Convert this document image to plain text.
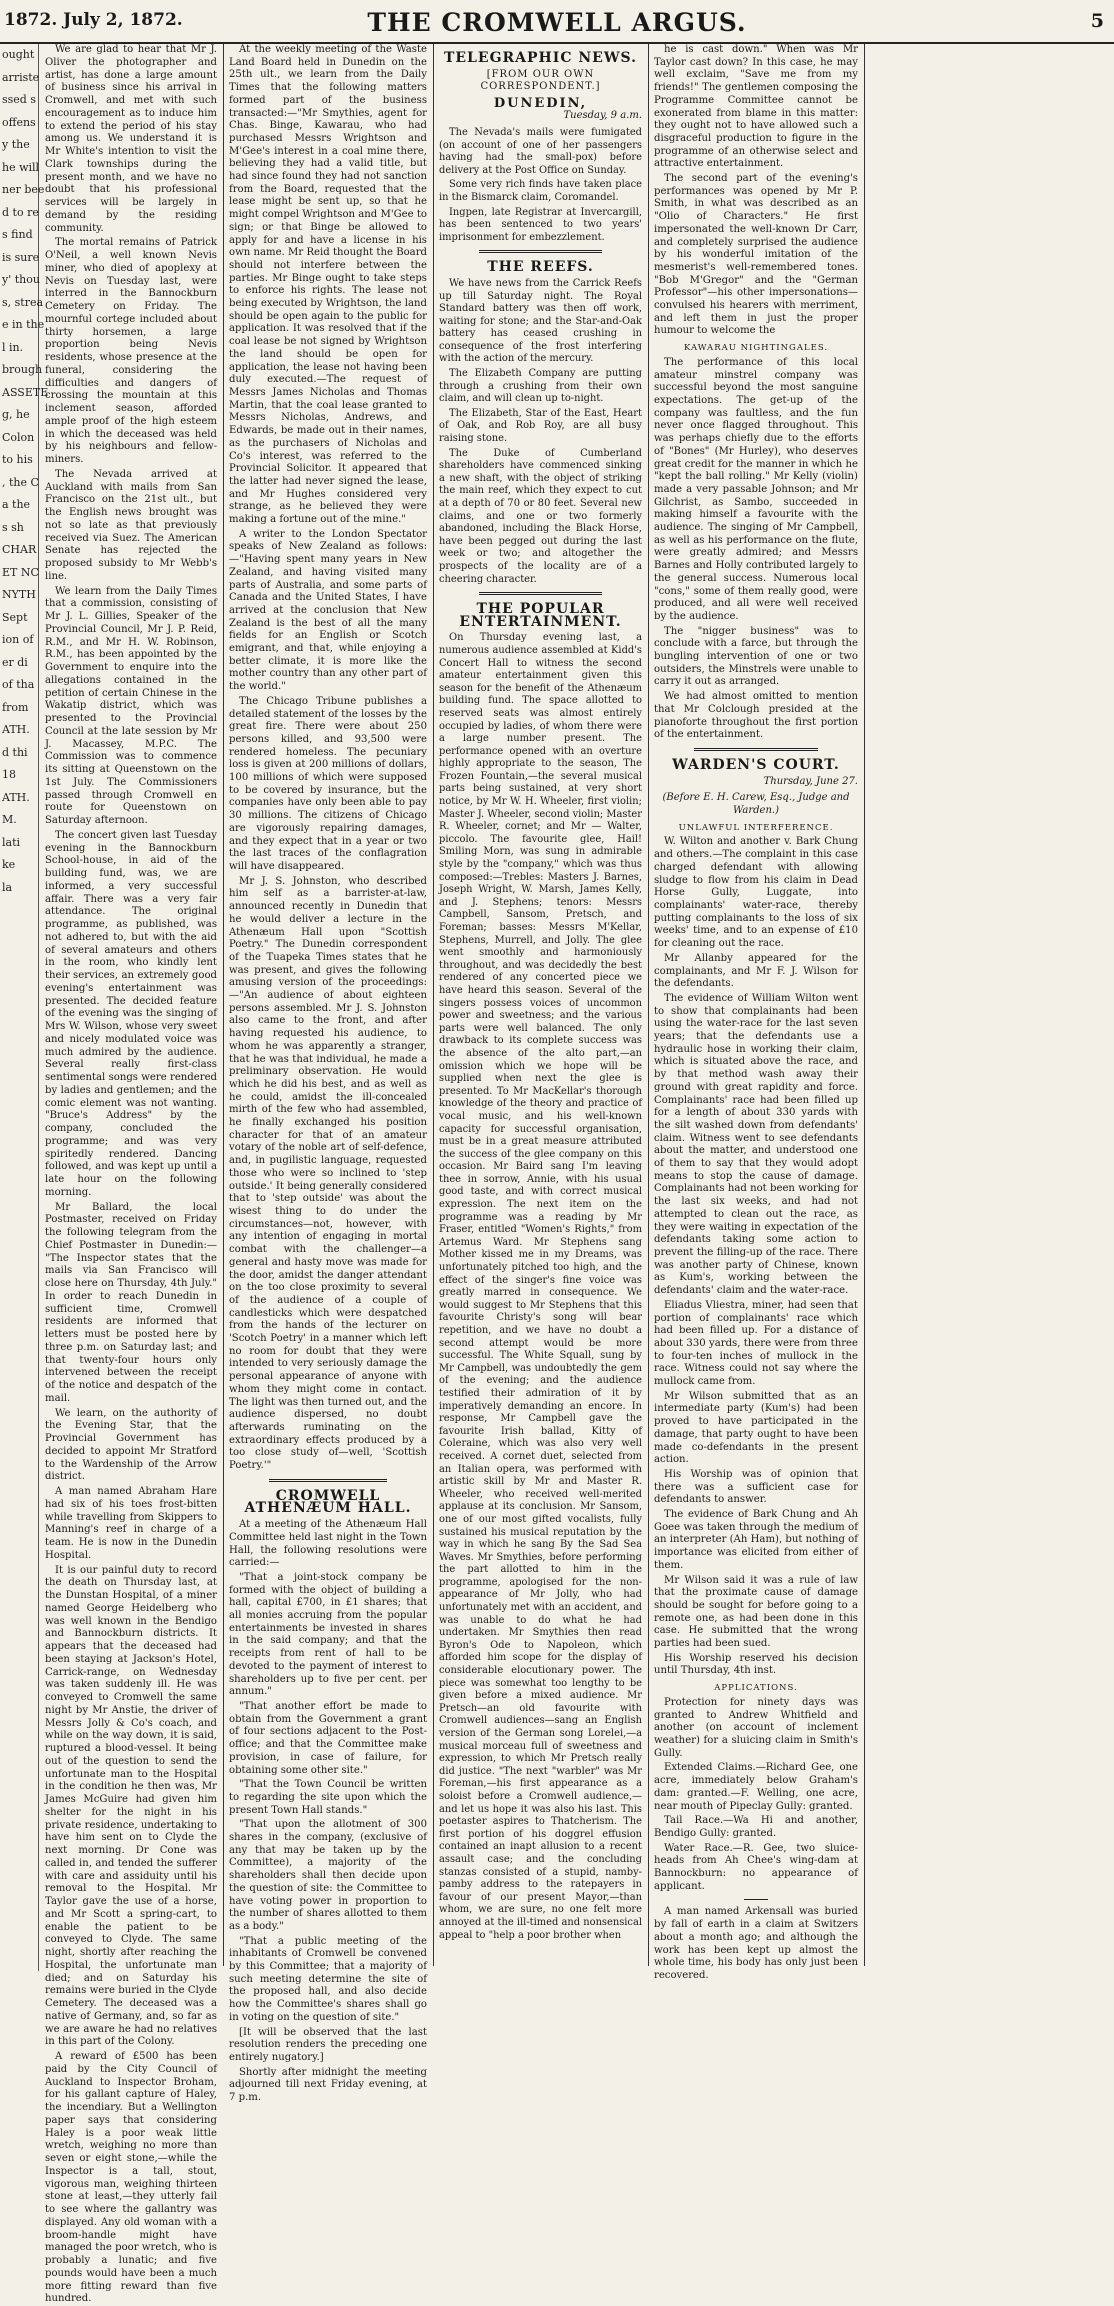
1872. July 2, 1872.	THE CROMWELL ARGUS.	5
ought
arriste
ssed s
offens
y the
he will
ner bee
d to re
s find
is sure
y' thou
s, strea
e in the
l in.
brough
ASSETE
g, he
Colon
to his
, the C
a the
s sh
CHAR
ET NC
NYTH
Sept
ion of
er di
of tha
from
ATH.
d thi
18
ATH.
M.
lati
ke
la

We are glad to hear that Mr J. Oliver the photographer and artist, has done a large amount of business since his arrival in Cromwell, and met with such encouragement as to induce him to extend the period of his stay among us. We understand it is Mr White's intention to visit the Clark townships during the present month, and we have no doubt that his professional services will be largely in demand by the residing community.

The mortal remains of Patrick O'Neil, a well known Nevis miner, who died of apoplexy at Nevis on Tuesday last, were interred in the Bannockburn Cemetery on Friday. The mournful cortege included about thirty horsemen, a large proportion being Nevis residents, whose presence at the funeral, considering the difficulties and dangers of crossing the mountain at this inclement season, afforded ample proof of the high esteem in which the deceased was held by his neighbours and fellow-miners.

The Nevada arrived at Auckland with mails from San Francisco on the 21st ult., but the English news brought was not so late as that previously received via Suez. The American Senate has rejected the proposed subsidy to Mr Webb's line.

We learn from the Daily Times that a commission, consisting of Mr J. L. Gillies, Speaker of the Provincial Council, Mr J. P. Reid, R.M., and Mr H. W. Robinson, R.M., has been appointed by the Government to enquire into the allegations contained in the petition of certain Chinese in the Wakatip district, which was presented to the Provincial Council at the late session by Mr J. Macassey, M.P.C. The Commission was to commence its sitting at Queenstown on the 1st July. The Commissioners passed through Cromwell en route for Queenstown on Saturday afternoon.

The concert given last Tuesday evening in the Bannockburn School-house, in aid of the building fund, was, we are informed, a very successful affair. There was a very fair attendance. The original programme, as published, was not adhered to, but with the aid of several amateurs and others in the room, who kindly lent their services, an extremely good evening's entertainment was presented. The decided feature of the evening was the singing of Mrs W. Wilson, whose very sweet and nicely modulated voice was much admired by the audience. Several really first-class sentimental songs were rendered by ladies and gentlemen; and the comic element was not wanting. "Bruce's Address" by the company, concluded the programme; and was very spiritedly rendered. Dancing followed, and was kept up until a late hour on the following morning.

Mr Ballard, the local Postmaster, received on Friday the following telegram from the Chief Postmaster in Dunedin:— "The Inspector states that the mails via San Francisco will close here on Thursday, 4th July." In order to reach Dunedin in sufficient time, Cromwell residents are informed that letters must be posted here by three p.m. on Saturday last; and that twenty-four hours only intervened between the receipt of the notice and despatch of the mail.

We learn, on the authority of the Evening Star, that the Provincial Government has decided to appoint Mr Stratford to the Wardenship of the Arrow district.

A man named Abraham Hare had six of his toes frost-bitten while travelling from Skippers to Manning's reef in charge of a team. He is now in the Dunedin Hospital.

It is our painful duty to record the death on Thursday last, at the Dunstan Hospital, of a miner named George Heidelberg who was well known in the Bendigo and Bannockburn districts. It appears that the deceased had been staying at Jackson's Hotel, Carrick-range, on Wednesday was taken suddenly ill. He was conveyed to Cromwell the same night by Mr Anstie, the driver of Messrs Jolly & Co's coach, and while on the way down, it is said, ruptured a blood-vessel. It being out of the question to send the unfortunate man to the Hospital in the condition he then was, Mr James McGuire had given him shelter for the night in his private residence, undertaking to have him sent on to Clyde the next morning. Dr Cone was called in, and tended the sufferer with care and assiduity until his removal to the Hospital. Mr Taylor gave the use of a horse, and Mr Scott a spring-cart, to enable the patient to be conveyed to Clyde. The same night, shortly after reaching the Hospital, the unfortunate man died; and on Saturday his remains were buried in the Clyde Cemetery. The deceased was a native of Germany, and, so far as we are aware he had no relatives in this part of the Colony.

A reward of £500 has been paid by the City Council of Auckland to Inspector Broham, for his gallant capture of Haley, the incendiary. But a Wellington paper says that considering Haley is a poor weak little wretch, weighing no more than seven or eight stone,—while the Inspector is a tall, stout, vigorous man, weighing thirteen stone at least,—they utterly fail to see where the gallantry was displayed. Any old woman with a broom-handle might have managed the poor wretch, who is probably a lunatic; and five pounds would have been a much more fitting reward than five hundred.

At the weekly meeting of the Waste Land Board held in Dunedin on the 25th ult., we learn from the Daily Times that the following matters formed part of the business transacted:—"Mr Smythies, agent for Chas. Binge, Kawarau, who had purchased Messrs Wrightson and M'Gee's interest in a coal mine there, believing they had a valid title, but had since found they had not sanction from the Board, requested that the lease might be sent up, so that he might compel Wrightson and M'Gee to sign; or that Binge be allowed to apply for and have a license in his own name. Mr Reid thought the Board should not interfere between the parties. Mr Binge ought to take steps to enforce his rights. The lease not being executed by Wrightson, the land should be open again to the public for application. It was resolved that if the coal lease be not signed by Wrightson the land should be open for application, the lease not having been duly executed.—The request of Messrs James Nicholas and Thomas Martin, that the coal lease granted to Messrs Nicholas, Andrews, and Edwards, be made out in their names, as the purchasers of Nicholas and Co's interest, was referred to the Provincial Solicitor. It appeared that the latter had never signed the lease, and Mr Hughes considered very strange, as he believed they were making a fortune out of the mine."

A writer to the London Spectator speaks of New Zealand as follows:—"Having spent many years in New Zealand, and having visited many parts of Australia, and some parts of Canada and the United States, I have arrived at the conclusion that New Zealand is the best of all the many fields for an English or Scotch emigrant, and that, while enjoying a better climate, it is more like the mother country than any other part of the world."

The Chicago Tribune publishes a detailed statement of the losses by the great fire. There were about 250 persons killed, and 93,500 were rendered homeless. The pecuniary loss is given at 200 millions of dollars, 100 millions of which were supposed to be covered by insurance, but the companies have only been able to pay 30 millions. The citizens of Chicago are vigorously repairing damages, and they expect that in a year or two the last traces of the conflagration will have disappeared.

Mr J. S. Johnston, who described him self as a barrister-at-law, announced recently in Dunedin that he would deliver a lecture in the Athenæum Hall upon "Scottish Poetry." The Dunedin correspondent of the Tuapeka Times states that he was present, and gives the following amusing version of the proceedings:—"An audience of about eighteen persons assembled. Mr J. S. Johnston also came to the front, and after having requested his audience, to whom he was apparently a stranger, that he was that individual, he made a preliminary observation. He would which he did his best, and as well as he could, amidst the ill-concealed mirth of the few who had assembled, he finally exchanged his position character for that of an amateur votary of the noble art of self-defence, and, in pugilistic language, requested those who were so inclined to 'step outside.' It being generally considered that to 'step outside' was about the wisest thing to do under the circumstances—not, however, with any intention of engaging in mortal combat with the challenger—a general and hasty move was made for the door, amidst the danger attendant on the too close proximity to several of the audience of a couple of candlesticks which were despatched from the hands of the lecturer on 'Scotch Poetry' in a manner which left no room for doubt that they were intended to very seriously damage the personal appearance of anyone with whom they might come in contact. The light was then turned out, and the audience dispersed, no doubt afterwards ruminating on the extraordinary effects produced by a too close study of—well, 'Scottish Poetry.'"

CROMWELL ATHENÆUM HALL.

At a meeting of the Athenæum Hall Committee held last night in the Town Hall, the following resolutions were carried:—

"That a joint-stock company be formed with the object of building a hall, capital £700, in £1 shares; that all monies accruing from the popular entertainments be invested in shares in the said company; and that the receipts from rent of hall to be devoted to the payment of interest to shareholders up to five per cent. per annum."

"That another effort be made to obtain from the Government a grant of four sections adjacent to the Post-office; and that the Committee make provision, in case of failure, for obtaining some other site."

"That the Town Council be written to regarding the site upon which the present Town Hall stands."

"That upon the allotment of 300 shares in the company, (exclusive of any that may be taken up by the Committee), a majority of the shareholders shall then decide upon the question of site: the Committee to have voting power in proportion to the number of shares allotted to them as a body."

"That a public meeting of the inhabitants of Cromwell be convened by this Committee; that a majority of such meeting determine the site of the proposed hall, and also decide how the Committee's shares shall go in voting on the question of site."

[It will be observed that the last resolution renders the preceding one entirely nugatory.]

Shortly after midnight the meeting adjourned till next Friday evening, at 7 p.m.

TELEGRAPHIC NEWS.
[FROM OUR OWN CORRESPONDENT.]
DUNEDIN,
Tuesday, 9 a.m.

The Nevada's mails were fumigated (on account of one of her passengers having had the small-pox) before delivery at the Post Office on Sunday.

Some very rich finds have taken place in the Bismarck claim, Coromandel.

Ingpen, late Registrar at Invercargill, has been sentenced to two years' imprisonment for embezzlement.

THE REEFS.

We have news from the Carrick Reefs up till Saturday night. The Royal Standard battery was then off work, waiting for stone; and the Star-and-Oak battery has ceased crushing in consequence of the frost interfering with the action of the mercury.

The Elizabeth Company are putting through a crushing from their own claim, and will clean up to-night.

The Elizabeth, Star of the East, Heart of Oak, and Rob Roy, are all busy raising stone.

The Duke of Cumberland shareholders have commenced sinking a new shaft, with the object of striking the main reef, which they expect to cut at a depth of 70 or 80 feet. Several new claims, and one or two formerly abandoned, including the Black Horse, have been pegged out during the last week or two; and altogether the prospects of the locality are of a cheering character.

THE POPULAR ENTERTAINMENT.

On Thursday evening last, a numerous audience assembled at Kidd's Concert Hall to witness the second amateur entertainment given this season for the benefit of the Athenæum building fund. The space allotted to reserved seats was almost entirely occupied by ladies, of whom there were a large number present. The performance opened with an overture highly appropriate to the season, The Frozen Fountain,—the several musical parts being sustained, at very short notice, by Mr W. H. Wheeler, first violin; Master J. Wheeler, second violin; Master R. Wheeler, cornet; and Mr — Walter, piccolo. The favourite glee, Hail! Smiling Morn, was sung in admirable style by the "company," which was thus composed:—Trebles: Masters J. Barnes, Joseph Wright, W. Marsh, James Kelly, and J. Stephens; tenors: Messrs Campbell, Sansom, Pretsch, and Foreman; basses: Messrs M'Kellar, Stephens, Murrell, and Jolly. The glee went smoothly and harmoniously throughout, and was decidedly the best rendered of any concerted piece we have heard this season. Several of the singers possess voices of uncommon power and sweetness; and the various parts were well balanced. The only drawback to its complete success was the absence of the alto part,—an omission which we hope will be supplied when next the glee is presented. To Mr MacKellar's thorough knowledge of the theory and practice of vocal music, and his well-known capacity for successful organisation, must be in a great measure attributed the success of the glee company on this occasion. Mr Baird sang I'm leaving thee in sorrow, Annie, with his usual good taste, and with correct musical expression. The next item on the programme was a reading by Mr Fraser, entitled "Women's Rights," from Artemus Ward. Mr Stephens sang Mother kissed me in my Dreams, was unfortunately pitched too high, and the effect of the singer's fine voice was greatly marred in consequence. We would suggest to Mr Stephens that this favourite Christy's song will bear repetition, and we have no doubt a second attempt would be more successful. The White Squall, sung by Mr Campbell, was undoubtedly the gem of the evening; and the audience testified their admiration of it by imperatively demanding an encore. In response, Mr Campbell gave the favourite Irish ballad, Kitty of Coleraine, which was also very well received. A cornet duet, selected from an Italian opera, was performed with artistic skill by Mr and Master R. Wheeler, who received well-merited applause at its conclusion. Mr Sansom, one of our most gifted vocalists, fully sustained his musical reputation by the way in which he sang By the Sad Sea Waves. Mr Smythies, before performing the part allotted to him in the programme, apologised for the non-appearance of Mr Jolly, who had unfortunately met with an accident, and was unable to do what he had undertaken. Mr Smythies then read Byron's Ode to Napoleon, which afforded him scope for the display of considerable elocutionary power. The piece was somewhat too lengthy to be given before a mixed audience. Mr Pretsch—an old favourite with Cromwell audiences—sang an English version of the German song Lorelei,—a musical morceau full of sweetness and expression, to which Mr Pretsch really did justice. "The next "warbler" was Mr Foreman,—his first appearance as a soloist before a Cromwell audience,—and let us hope it was also his last. This poetaster aspires to Thatcherism. The first portion of his doggrel effusion contained an inapt allusion to a recent assault case; and the concluding stanzas consisted of a stupid, namby-pamby address to the ratepayers in favour of our present Mayor,—than whom, we are sure, no one felt more annoyed at the ill-timed and nonsensical appeal to "help a poor brother when

he is cast down." When was Mr Taylor cast down? In this case, he may well exclaim, "Save me from my friends!" The gentlemen composing the Programme Committee cannot be exonerated from blame in this matter: they ought not to have allowed such a disgraceful production to figure in the programme of an otherwise select and attractive entertainment.

The second part of the evening's performances was opened by Mr P. Smith, in what was described as an "Olio of Characters." He first impersonated the well-known Dr Carr, and completely surprised the audience by his wonderful imitation of the mesmerist's well-remembered tones. "Bob M'Gregor" and the "German Professor"—his other impersonations—convulsed his hearers with merriment, and left them in just the proper humour to welcome the

KAWARAU NIGHTINGALES.

The performance of this local amateur minstrel company was successful beyond the most sanguine expectations. The get-up of the company was faultless, and the fun never once flagged throughout. This was perhaps chiefly due to the efforts of "Bones" (Mr Hurley), who deserves great credit for the manner in which he "kept the ball rolling." Mr Kelly (violin) made a very passable Johnson; and Mr Gilchrist, as Sambo, succeeded in making himself a favourite with the audience. The singing of Mr Campbell, as well as his performance on the flute, were greatly admired; and Messrs Barnes and Holly contributed largely to the general success. Numerous local "cons," some of them really good, were produced, and all were well received by the audience.

The "nigger business" was to conclude with a farce, but through the bungling intervention of one or two outsiders, the Minstrels were unable to carry it out as arranged.

We had almost omitted to mention that Mr Colclough presided at the pianoforte throughout the first portion of the entertainment.

WARDEN'S COURT.
Thursday, June 27.
(Before E. H. Carew, Esq., Judge and Warden.)
UNLAWFUL INTERFERENCE.

W. Wilton and another v. Bark Chung and others.—The complaint in this case charged defendant with allowing sludge to flow from his claim in Dead Horse Gully, Luggate, into complainants' water-race, thereby putting complainants to the loss of six weeks' time, and to an expense of £10 for cleaning out the race.

Mr Allanby appeared for the complainants, and Mr F. J. Wilson for the defendants.

The evidence of William Wilton went to show that complainants had been using the water-race for the last seven years; that the defendants use a hydraulic hose in working their claim, which is situated above the race, and by that method wash away their ground with great rapidity and force. Complainants' race had been filled up for a length of about 330 yards with the silt washed down from defendants' claim. Witness went to see defendants about the matter, and understood one of them to say that they would adopt means to stop the cause of damage. Complainants had not been working for the last six weeks, and had not attempted to clean out the race, as they were waiting in expectation of the defendants taking some action to prevent the filling-up of the race. There was another party of Chinese, known as Kum's, working between the defendants' claim and the water-race.

Eliadus Vliestra, miner, had seen that portion of complainants' race which had been filled up. For a distance of about 330 yards, there were from three to four-ten inches of mullock in the race. Witness could not say where the mullock came from.

Mr Wilson submitted that as an intermediate party (Kum's) had been proved to have participated in the damage, that party ought to have been made co-defendants in the present action.

His Worship was of opinion that there was a sufficient case for defendants to answer.

The evidence of Bark Chung and Ah Goee was taken through the medium of an interpreter (Ah Ham), but nothing of importance was elicited from either of them.

Mr Wilson said it was a rule of law that the proximate cause of damage should be sought for before going to a remote one, as had been done in this case. He submitted that the wrong parties had been sued.

His Worship reserved his decision until Thursday, 4th inst.

APPLICATIONS.

Protection for ninety days was granted to Andrew Whitfield and another (on account of inclement weather) for a sluicing claim in Smith's Gully.

Extended Claims.—Richard Gee, one acre, immediately below Graham's dam: granted.—F. Welling, one acre, near mouth of Pipeclay Gully: granted.

Tail Race.—Wa Hi and another, Bendigo Gully: granted.

Water Race.—R. Gee, two sluice-heads from Ah Chee's wing-dam at Bannockburn: no appearance of applicant.

A man named Arkensall was buried by fall of earth in a claim at Switzers about a month ago; and although the work has been kept up almost the whole time, his body has only just been recovered.
